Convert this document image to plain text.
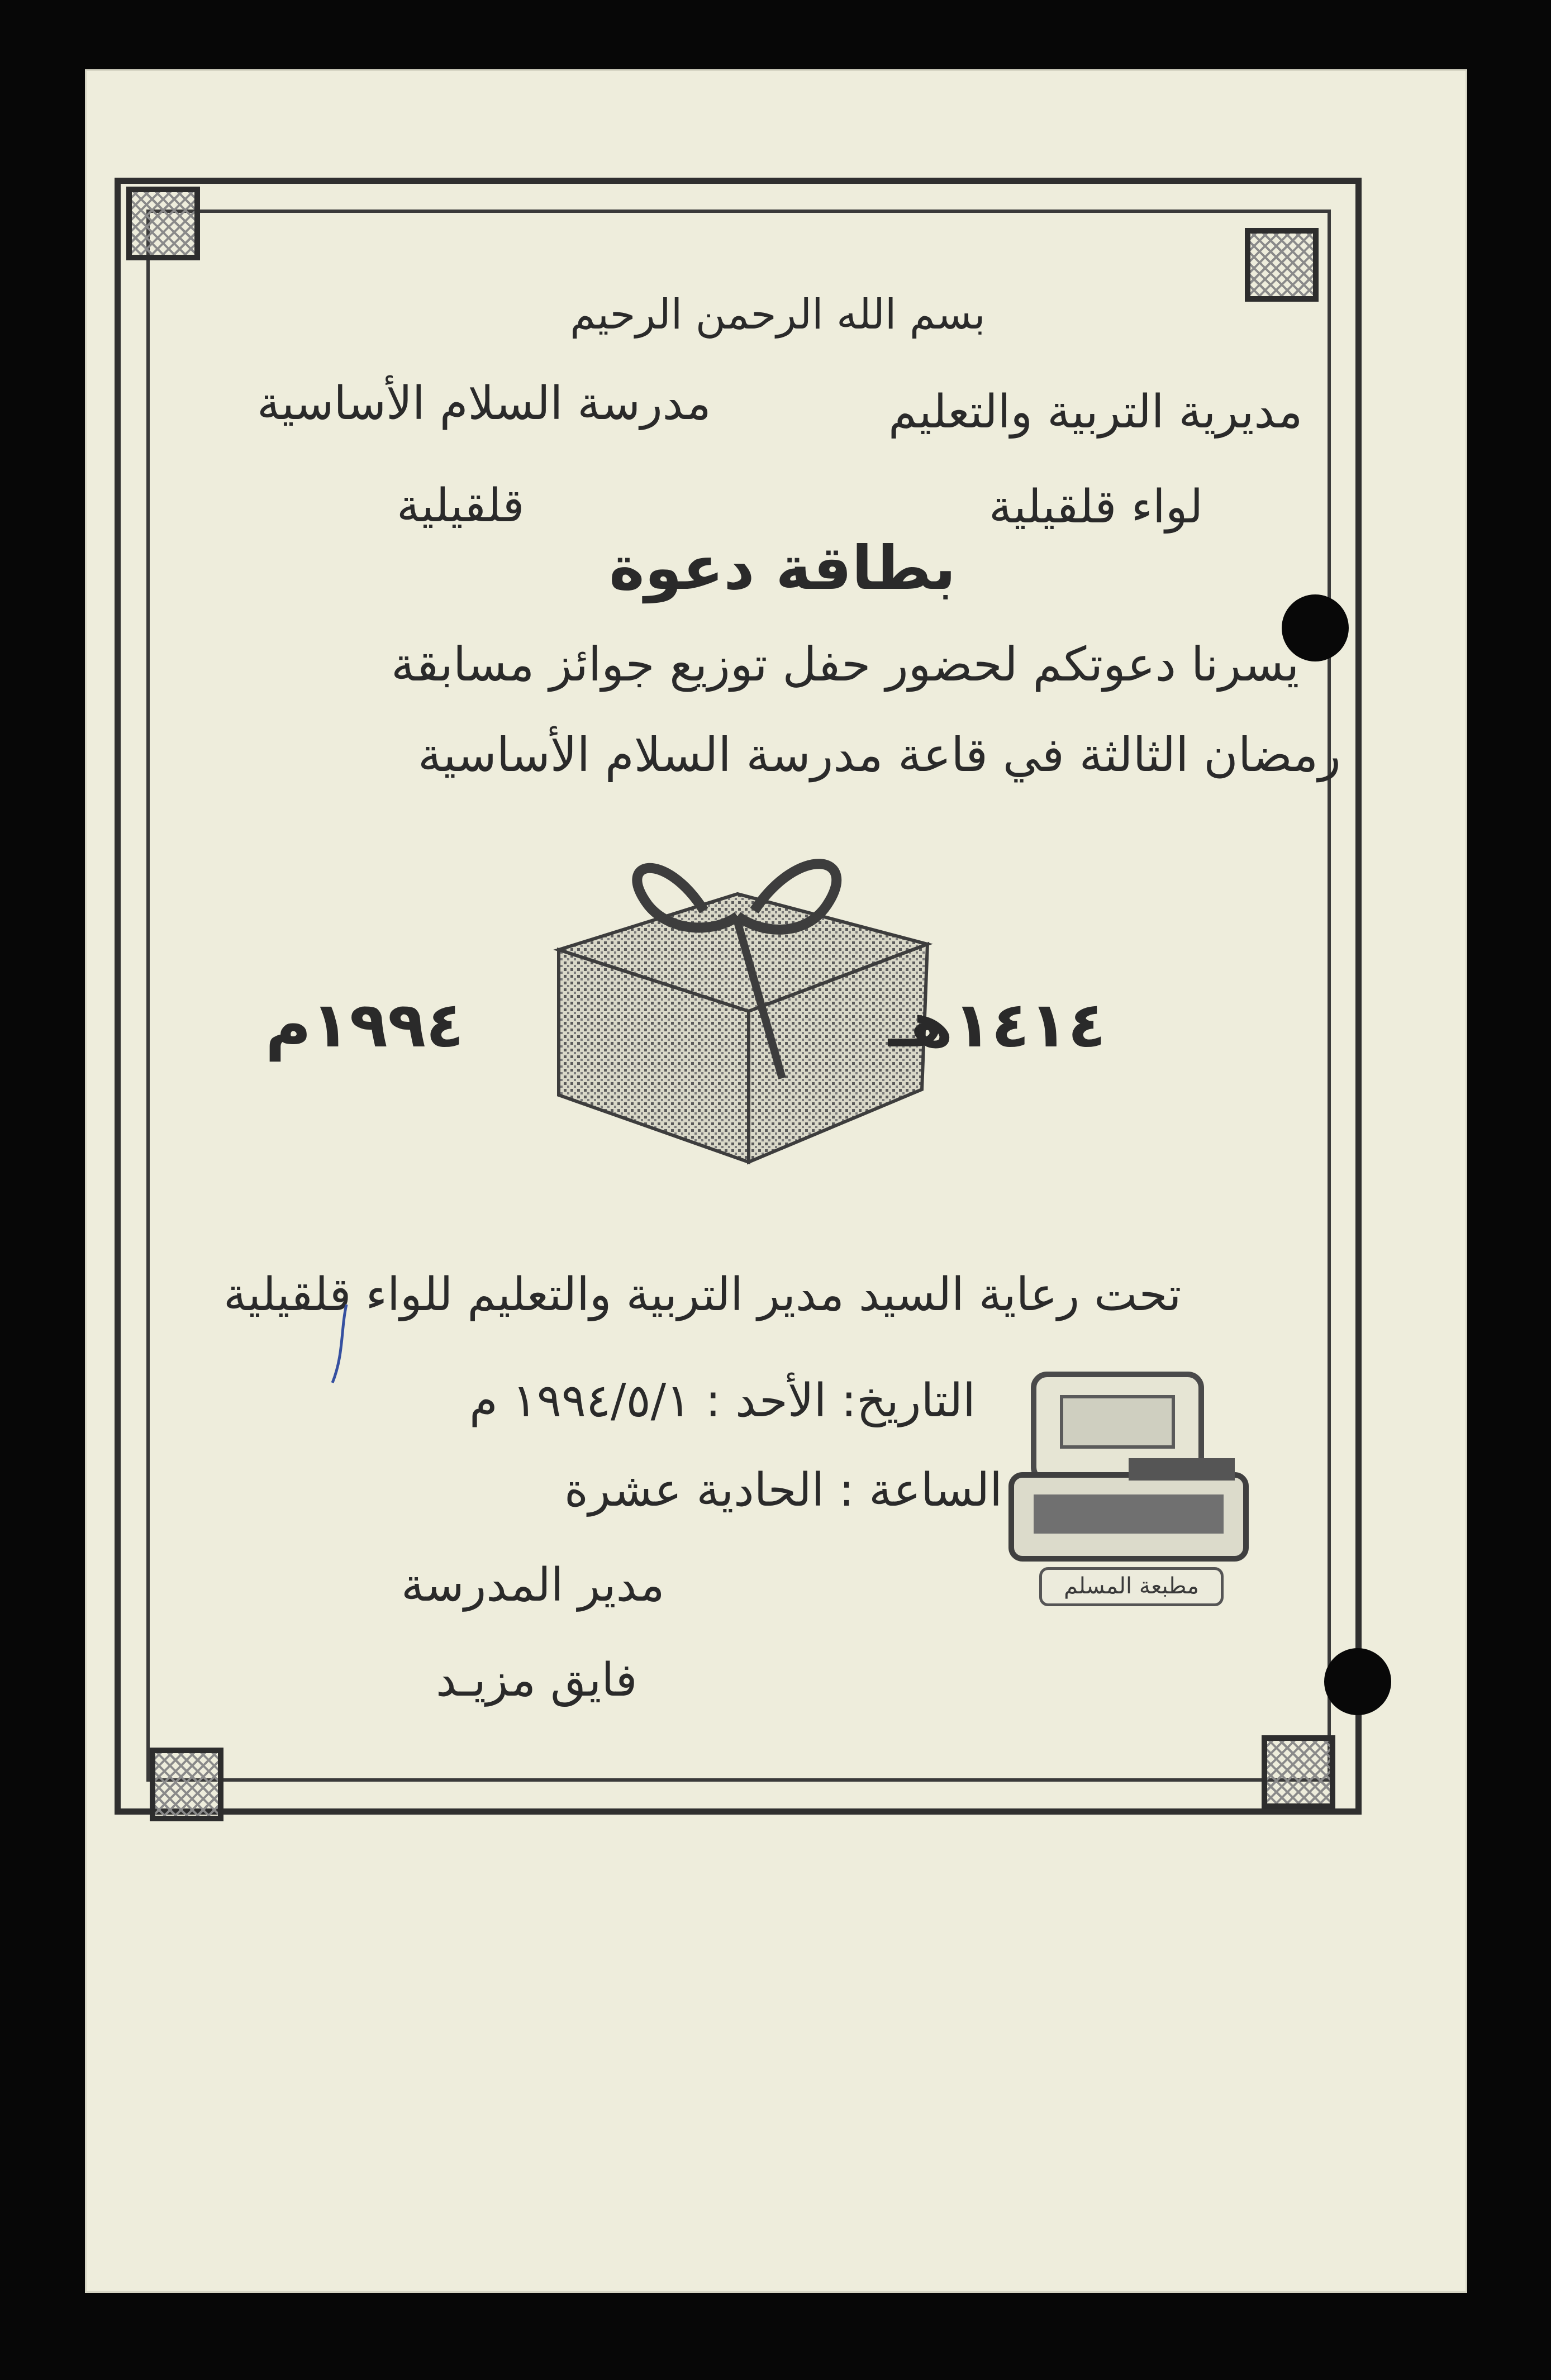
بسم الله الرحمن الرحيم
مديرية التربية والتعليم
مدرسة السلام الأساسية
لواء قلقيلية
قلقيلية
بطاقة دعوة
يسرنا دعوتكم لحضور حفل توزيع جوائز مسابقة
رمضان الثالثة في قاعة مدرسة السلام الأساسية
١٤١٤هـ
١٩٩٤م
تحت رعاية السيد مدير التربية والتعليم للواء قلقيلية
التاريخ: الأحد : ١٩٩٤/٥/١ م
الساعة : الحادية عشرة
مدير المدرسة
فايق مزيـد
مطبعة المسلم
